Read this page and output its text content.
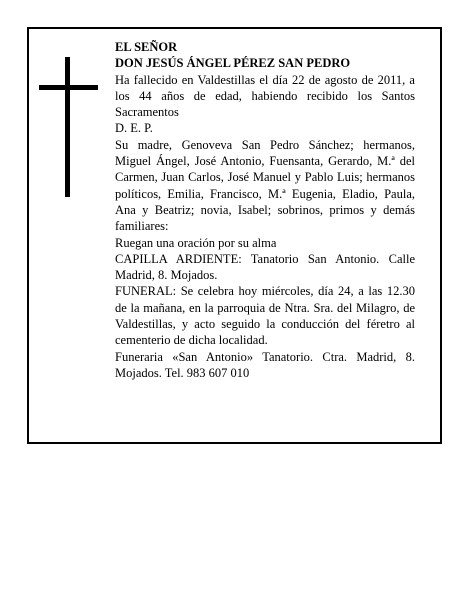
EL SEÑOR

DON JESÚS ÁNGEL PÉREZ SAN PEDRO

Ha fallecido en Valdestillas el día 22 de agosto de 2011, a los 44 años de edad, habiendo recibido los Santos Sacramentos

D. E. P.

Su madre, Genoveva San Pedro Sánchez; hermanos, Miguel Ángel, José Antonio, Fuensanta, Gerardo, M.ª del Carmen, Juan Carlos, José Manuel y Pablo Luis; hermanos políticos, Emilia, Francisco, M.ª Eugenia, Eladio, Paula, Ana y Beatriz; novia, Isabel; sobrinos, primos y demás familiares:

Ruegan una oración por su alma

CAPILLA ARDIENTE: Tanatorio San Antonio. Calle Madrid, 8. Mojados.

FUNERAL: Se celebra hoy miércoles, día 24, a las 12.30 de la mañana, en la parroquia de Ntra. Sra. del Milagro, de Valdestillas, y acto seguido la conducción del féretro al cementerio de dicha localidad.

Funeraria «San Antonio» Tanatorio. Ctra. Madrid, 8. Mojados. Tel. 983 607 010
